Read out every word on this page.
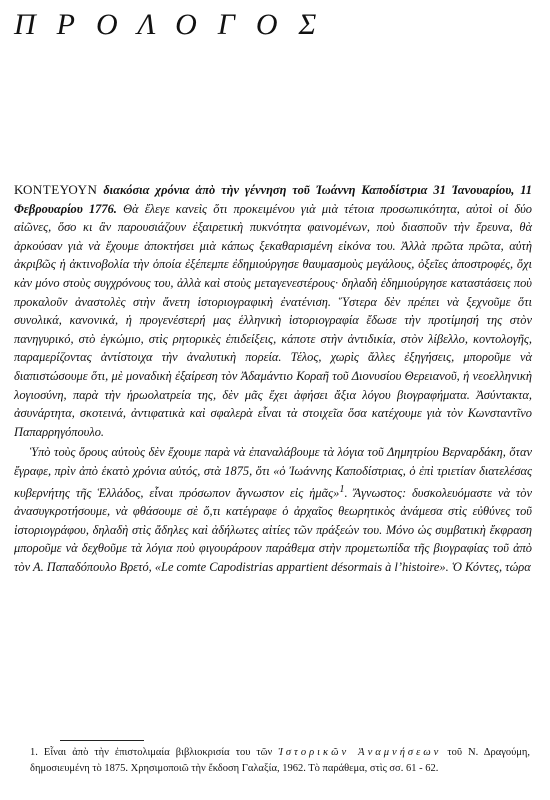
ΠΡΟΛΟΓΟΣ

ΚΟΝΤΕΥΟΥΝ διακόσια χρόνια ἀπὸ τὴν γέννηση τοῦ Ἰωάννη Καποδίστρια 31 Ἰανουαρίου, 11 Φεβρουαρίου 1776. Θὰ ἔλεγε κανεὶς ὅτι προκειμένου γιὰ μιὰ τέτοια προσωπικότητα, αὐτοὶ οἱ δύο αἰῶνες, ὅσο κι ἂν παρουσιάζουν ἐξαιρετικὴ πυκνότητα φαινομένων, ποὺ διασποῦν τὴν ἔρευνα, θὰ ἀρκούσαν γιὰ νὰ ἔχουμε ἀποκτήσει μιὰ κάπως ξεκαθαρισμένη εἰκόνα του. Ἀλλὰ πρῶτα πρῶτα, αὐτὴ ἀκριβῶς ἡ ἀκτινοβολία τὴν ὁποία ἐξέπεμπε ἐδημιούργησε θαυμασμοὺς μεγάλους, ὀξεῖες ἀποστροφές, ὄχι κὰν μόνο στοὺς συγχρόνους του, ἀλλὰ καὶ στοὺς μεταγενεστέρους· δηλαδὴ ἐδημιούργησε καταστάσεις ποὺ προκαλοῦν ἀναστολὲς στὴν ἄνετη ἱστοριογραφικὴ ἐνατένιση. Ὕστερα δὲν πρέπει νὰ ξεχνοῦμε ὅτι συνολικά, κανονικά, ἡ προγενέστερή μας ἑλληνικὴ ἱστοριογραφία ἔδωσε τὴν προτίμησή της στὸν πανηγυρικό, στὸ ἐγκώμιο, στὶς ρητορικὲς ἐπιδείξεις, κάποτε στὴν ἀντιδικία, στὸν λίβελλο, κοντολογῆς, παραμερίζοντας ἀντίστοιχα τὴν ἀναλυτικὴ πορεία. Τέλος, χωρὶς ἄλλες ἐξηγήσεις, μποροῦμε νὰ διαπιστώσουμε ὅτι, μὲ μοναδικὴ ἐξαίρεση τὸν Ἀδαμάντιο Κοραῆ τοῦ Διονυσίου Θερειανοῦ, ἡ νεοελληνικὴ λογιοσύνη, παρὰ τὴν ἡρωολατρεία της, δὲν μᾶς ἔχει ἀφήσει ἄξια λόγου βιογραφήματα. Ἀσύντακτα, ἀσυνάρτητα, σκοτεινά, ἀντιφατικὰ καὶ σφαλερὰ εἶναι τὰ στοιχεῖα ὅσα κατέχουμε γιὰ τὸν Κωνσταντῖνο Παπαρρηγόπουλο.

Ὑπὸ τοὺς ὅρους αὐτοὺς δὲν ἔχουμε παρὰ νὰ ἐπαναλάβουμε τὰ λόγια τοῦ Δημητρίου Βερναρδάκη, ὅταν ἔγραφε, πρὶν ἀπὸ ἑκατὸ χρόνια αὐτός, στὰ 1875, ὅτι «ὁ Ἰωάννης Καποδίστριας, ὁ ἐπὶ τριετίαν διατελέσας κυβερνήτης τῆς Ἑλλάδος, εἶναι πρόσωπον ἄγνωστον εἰς ἡμᾶς»$^1$. Ἄγνωστος: δυσκολευόμαστε νὰ τὸν ἀνασυγκροτήσουμε, νὰ φθάσουμε σὲ ὅ,τι κατέγραφε ὁ ἀρχαῖος θεωρητικὸς ἀνάμεσα στὶς εὐθύνες τοῦ ἱστοριογράφου, δηλαδὴ στὶς ἄδηλες καὶ ἀδήλωτες αἰτίες τῶν πράξεών του. Μόνο ὡς συμβατικὴ ἔκφραση μποροῦμε νὰ δεχθοῦμε τὰ λόγια ποὺ φιγουράρουν παράθεμα στὴν προμετωπίδα τῆς βιογραφίας τοῦ ἀπὸ τὸν Α. Παπαδόπουλο Βρετό, «Le comte Capodistrias appartient désormais à l’histoire». Ὁ Κόντες, τώρα

1. Εἶναι ἀπὸ τὴν ἐπιστολιμαία βιβλιοκρισία του τῶν Ἱστορικῶν Ἀναμνήσεων τοῦ Ν. Δραγούμη, δημοσιευμένη τὸ 1875. Χρησιμοποιῶ τὴν ἔκδοση Γαλαξία, 1962. Τὸ παράθεμα, στὶς σσ. 61 - 62.
